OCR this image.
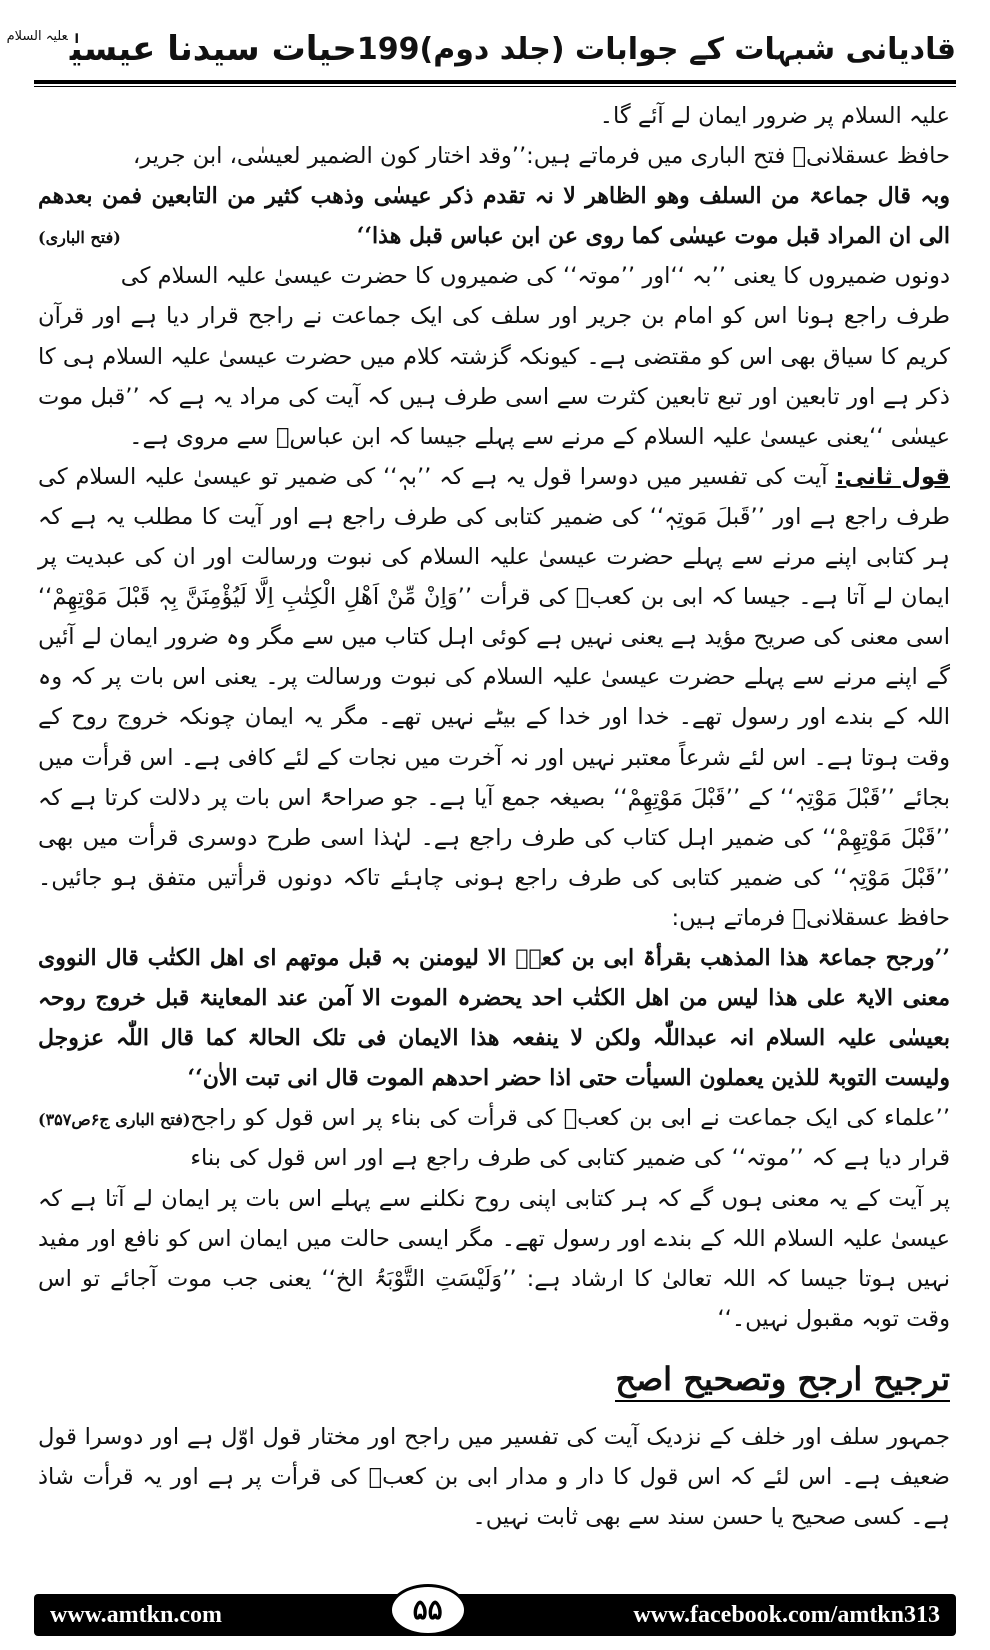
قادیانی شبہات کے جوابات (جلد دوم)
199
حیات سیدنا عیسیٰ$^{علیہ السلام}$

علیہ السلام پر ضرور ایمان لے آئے گا۔

حافظ عسقلانیؒ فتح الباری میں فرماتے ہیں:’’وقد اختار کون الضمیر لعیسٰی، ابن جریر،

وبہ قال جماعۃ من السلف وھو الظاھر لا نہ تقدم ذکر عیسٰی وذھب کثیر من التابعین فمن بعدھم الی ان المراد قبل موت عیسٰی کما روی عن ابن عباس قبل ھذا‘‘
(فتح الباری)

دونوں ضمیروں کا یعنی ’’بہ ‘‘اور ’’موتہ‘‘ کی ضمیروں کا حضرت عیسیٰ علیہ السلام کی طرف راجع ہونا اس کو امام بن جریر اور سلف کی ایک جماعت نے راجح قرار دیا ہے اور قرآن کریم کا سیاق بھی اس کو مقتضی ہے۔ کیونکہ گزشتہ کلام میں حضرت عیسیٰ علیہ السلام ہی کا ذکر ہے اور تابعین اور تبع تابعین کثرت سے اسی طرف ہیں کہ آیت کی مراد یہ ہے کہ ’’قبل موت عیسٰی ‘‘یعنی عیسیٰ علیہ السلام کے مرنے سے پہلے جیسا کہ ابن عباسؓ سے مروی ہے۔

قول ثانی: آیت کی تفسیر میں دوسرا قول یہ ہے کہ ’’بہٖ‘‘ کی ضمیر تو عیسیٰ علیہ السلام کی طرف راجع ہے اور ’’قَبلَ مَوتِہٖ‘‘ کی ضمیر کتابی کی طرف راجع ہے اور آیت کا مطلب یہ ہے کہ ہر کتابی اپنے مرنے سے پہلے حضرت عیسیٰ علیہ السلام کی نبوت ورسالت اور ان کی عبدیت پر ایمان لے آتا ہے۔ جیسا کہ ابی بن کعبؓ کی قرأت ’’وَاِنْ مِّنْ اَھْلِ الْکِتٰبِ اِلَّا لَیُؤْمِنَنَّ بِہٖ قَبْلَ مَوْتِھِمْ‘‘ اسی معنی کی صریح مؤید ہے یعنی نہیں ہے کوئی اہل کتاب میں سے مگر وہ ضرور ایمان لے آئیں گے اپنے مرنے سے پہلے حضرت عیسیٰ علیہ السلام کی نبوت ورسالت پر۔ یعنی اس بات پر کہ وہ اللہ کے بندے اور رسول تھے۔ خدا اور خدا کے بیٹے نہیں تھے۔ مگر یہ ایمان چونکہ خروج روح کے وقت ہوتا ہے۔ اس لئے شرعاً معتبر نہیں اور نہ آخرت میں نجات کے لئے کافی ہے۔ اس قرأت میں بجائے ’’قَبْلَ مَوْتِہٖ‘‘ کے ’’قَبْلَ مَوْتِھِمْ‘‘ بصیغہ جمع آیا ہے۔ جو صراحۃً اس بات پر دلالت کرتا ہے کہ ’’قَبْلَ مَوْتِھِمْ‘‘ کی ضمیر اہل کتاب کی طرف راجع ہے۔ لہٰذا اسی طرح دوسری قرأت میں بھی ’’قَبْلَ مَوْتِہٖ‘‘ کی ضمیر کتابی کی طرف راجع ہونی چاہئے تاکہ دونوں قرأتیں متفق ہو جائیں۔ حافظ عسقلانیؒ فرماتے ہیں:

’’ورجح جماعۃ ھذا المذھب بقرأۃ ابی بن کعبؓ الا لیومنن بہ قبل موتھم ای اھل الکتٰب قال النووی معنی الایۃ علی ھذا لیس من اھل الکتٰب احد یحضرہ الموت الا آمن عند المعاینۃ قبل خروج روحہ بعیسٰی علیہ السلام انہ عبداللّٰہ ولکن لا ینفعہ ھذا الایمان فی تلک الحالۃ کما قال اللّٰہ عزوجل ولیست التوبۃ للذین یعملون السیأت حتی اذا حضر احدھم الموت قال انی تبت الاٰن‘‘
(فتح الباری ج۶ص۳۵۷) ’’علماء کی ایک جماعت نے ابی بن کعبؓ کی قرأت کی بناء پر اس قول کو راجح قرار دیا ہے کہ ’’موتہ‘‘ کی ضمیر کتابی کی طرف راجع ہے اور اس قول کی بناء پر آیت کے یہ معنی ہوں گے کہ ہر کتابی اپنی روح نکلنے سے پہلے اس بات پر ایمان لے آتا ہے کہ عیسیٰ علیہ السلام اللہ کے بندے اور رسول تھے۔ مگر ایسی حالت میں ایمان اس کو نافع اور مفید نہیں ہوتا جیسا کہ اللہ تعالیٰ کا ارشاد ہے: ’’وَلَیْسَتِ التَّوْبَۃُ الخ‘‘ یعنی جب موت آجائے تو اس وقت توبہ مقبول نہیں۔‘‘

ترجیح ارجح وتصحیح اصح

جمہور سلف اور خلف کے نزدیک آیت کی تفسیر میں راجح اور مختار قول اوّل ہے اور دوسرا قول ضعیف ہے۔ اس لئے کہ اس قول کا دار و مدار ابی بن کعبؓ کی قرأت پر ہے اور یہ قرأت شاذ ہے۔ کسی صحیح یا حسن سند سے بھی ثابت نہیں۔

www.amtkn.com	۵۵	www.facebook.com/amtkn313
